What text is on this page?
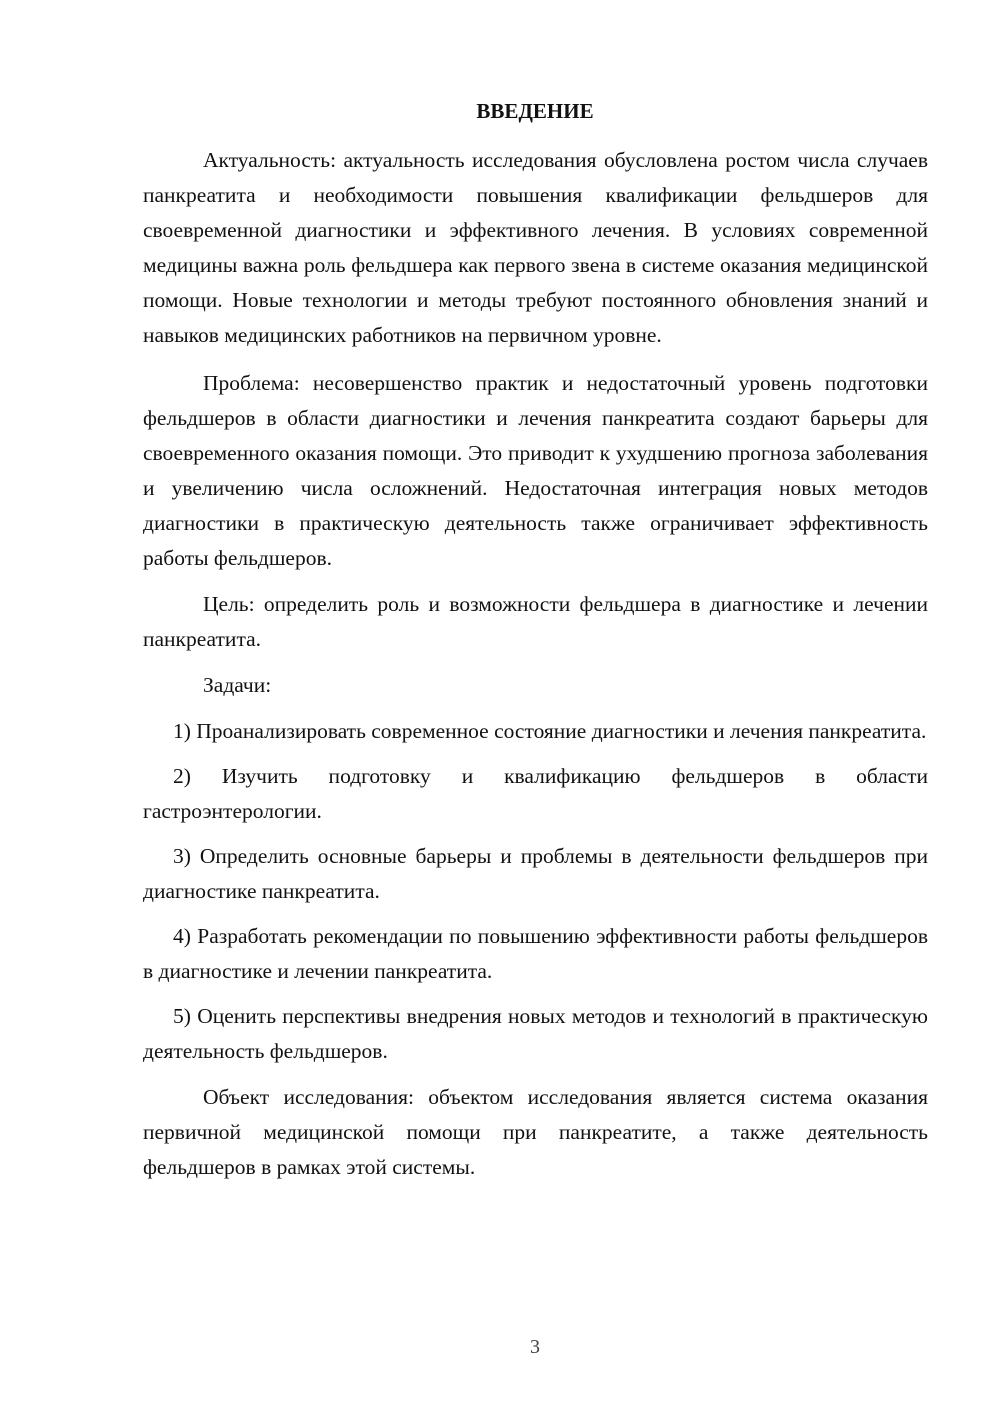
ВВЕДЕНИЕ

Актуальность: актуальность исследования обусловлена ростом числа случаев панкреатита и необходимости повышения квалификации фельдшеров для своевременной диагностики и эффективного лечения. В условиях современной медицины важна роль фельдшера как первого звена в системе оказания медицинской помощи. Новые технологии и методы требуют постоянного обновления знаний и навыков медицинских работников на первичном уровне.

Проблема: несовершенство практик и недостаточный уровень подготовки фельдшеров в области диагностики и лечения панкреатита создают барьеры для своевременного оказания помощи. Это приводит к ухудшению прогноза заболевания и увеличению числа осложнений. Недостаточная интеграция новых методов диагностики в практическую деятельность также ограничивает эффективность работы фельдшеров.

Цель: определить роль и возможности фельдшера в диагностике и лечении панкреатита.

Задачи:

1) Проанализировать современное состояние диагностики и лечения панкреатита.

2) Изучить подготовку и квалификацию фельдшеров в области гастроэнтерологии.

3) Определить основные барьеры и проблемы в деятельности фельдшеров при диагностике панкреатита.

4) Разработать рекомендации по повышению эффективности работы фельдшеров в диагностике и лечении панкреатита.

5) Оценить перспективы внедрения новых методов и технологий в практическую деятельность фельдшеров.

Объект исследования: объектом исследования является система оказания первичной медицинской помощи при панкреатите, а также деятельность фельдшеров в рамках этой системы.

3
